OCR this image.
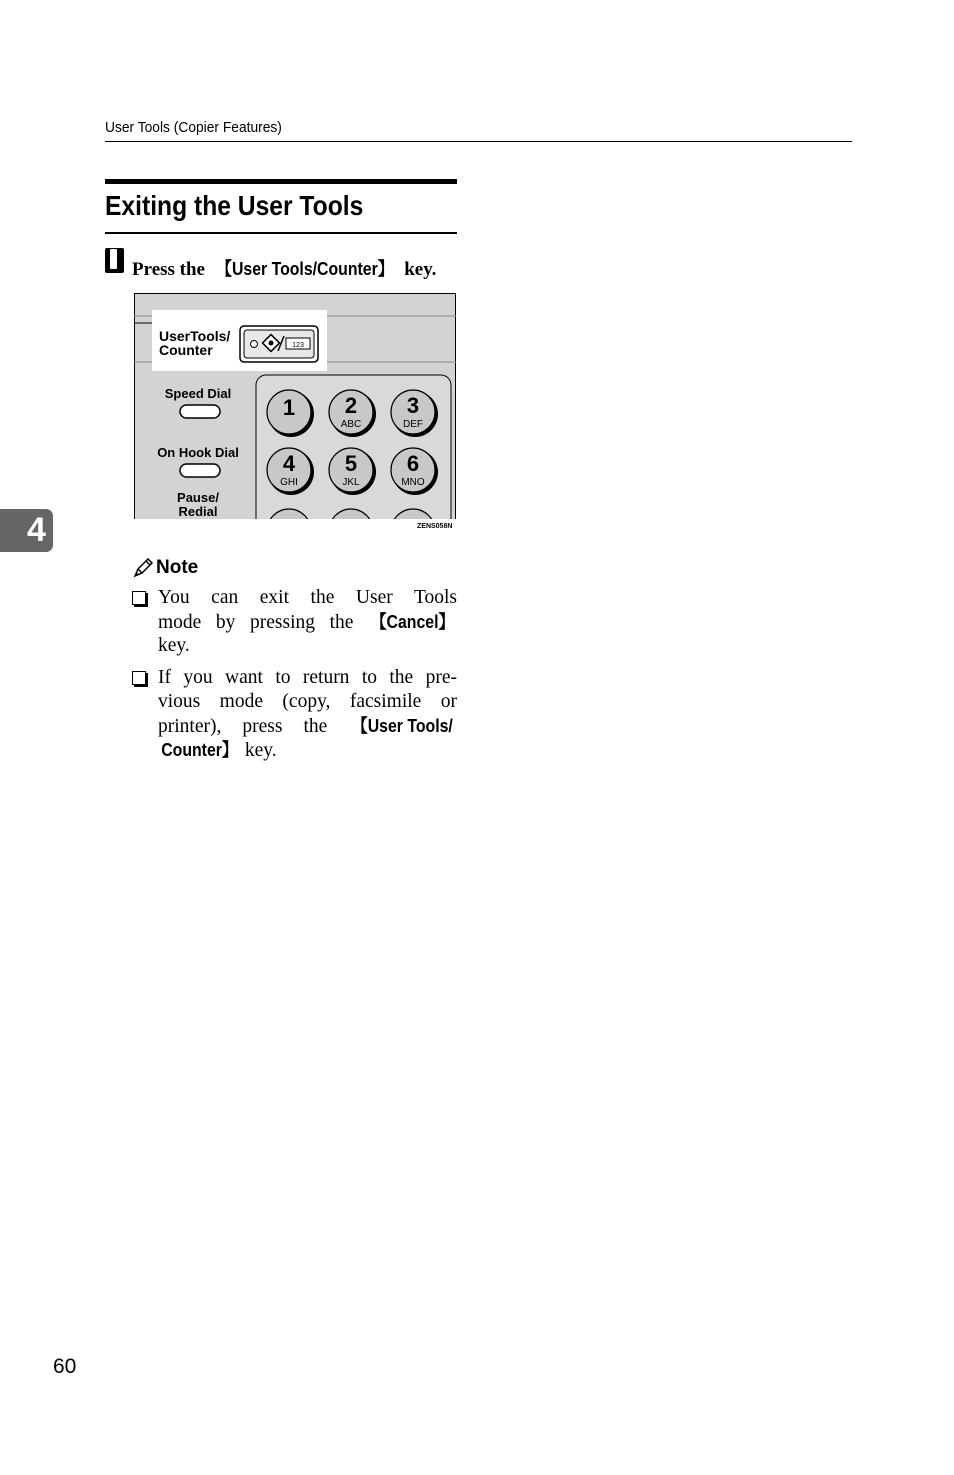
User Tools (Copier Features)
Exiting the User Tools
Press the 【User Tools/Counter】 key.
UserTools/
Counter	123
Speed Dial
On Hook Dial
Pause/
Redial
1 2
ABC
3
DEF
4
GHI
5
JKL
6
MNO
ZENS058N
4
Note
You can exit the User Tools
mode by pressing the 【Cancel】
key.
If you want to return to the pre-
vious mode (copy, facsimile or
printer), press the 【User Tools/
Counter】 key.
60
